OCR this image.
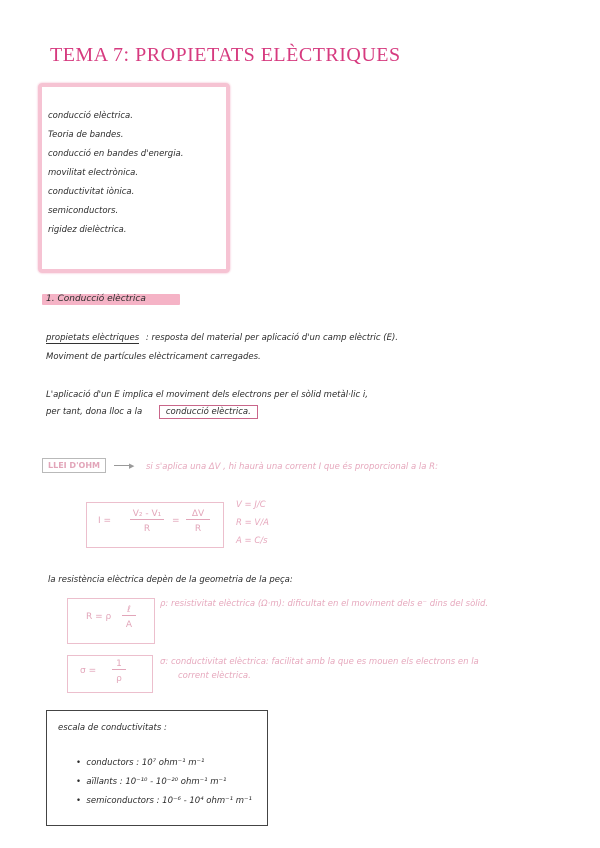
TEMA 7: PROPIETATS ELÈCTRIQUES
conducció elèctrica.
Teoria de bandes.
conducció en bandes d'energia.
movilitat electrònica.
conductivitat iònica.
semiconductors.
rigidez dielèctrica.
1. Conducció elèctrica
propietats elèctriques : resposta del material per aplicació d'un camp elèctric (E).
Moviment de partícules elèctricament carregades.
L'aplicació d'un E implica el moviment dels electrons per el sòlid metàl·lic i,
per tant, dona lloc a la	conducció elèctrica.
LLEI D'OHM	▶ si s'aplica una ΔV , hi haurà una corrent I que és proporcional a la R:
I =
V₂ - V₁
R
=
ΔV
R
V = J/C
R = V/A
A = C/s
la resistència elèctrica depèn de la geometria de la peça:
R = ρ
ℓ
A
ρ: resistivitat elèctrica (Ω·m): dificultat en el moviment dels e⁻ dins del sòlid.
σ =
1
ρ
σ: conductivitat elèctrica: facilitat amb la que es mouen els electrons en la
corrent elèctrica.
escala de conductivitats :
•  conductors : 10⁷ ohm⁻¹ m⁻¹
•  aïllants : 10⁻¹⁰ - 10⁻²⁰ ohm⁻¹ m⁻¹
•  semiconductors : 10⁻⁶ - 10⁴ ohm⁻¹ m⁻¹
